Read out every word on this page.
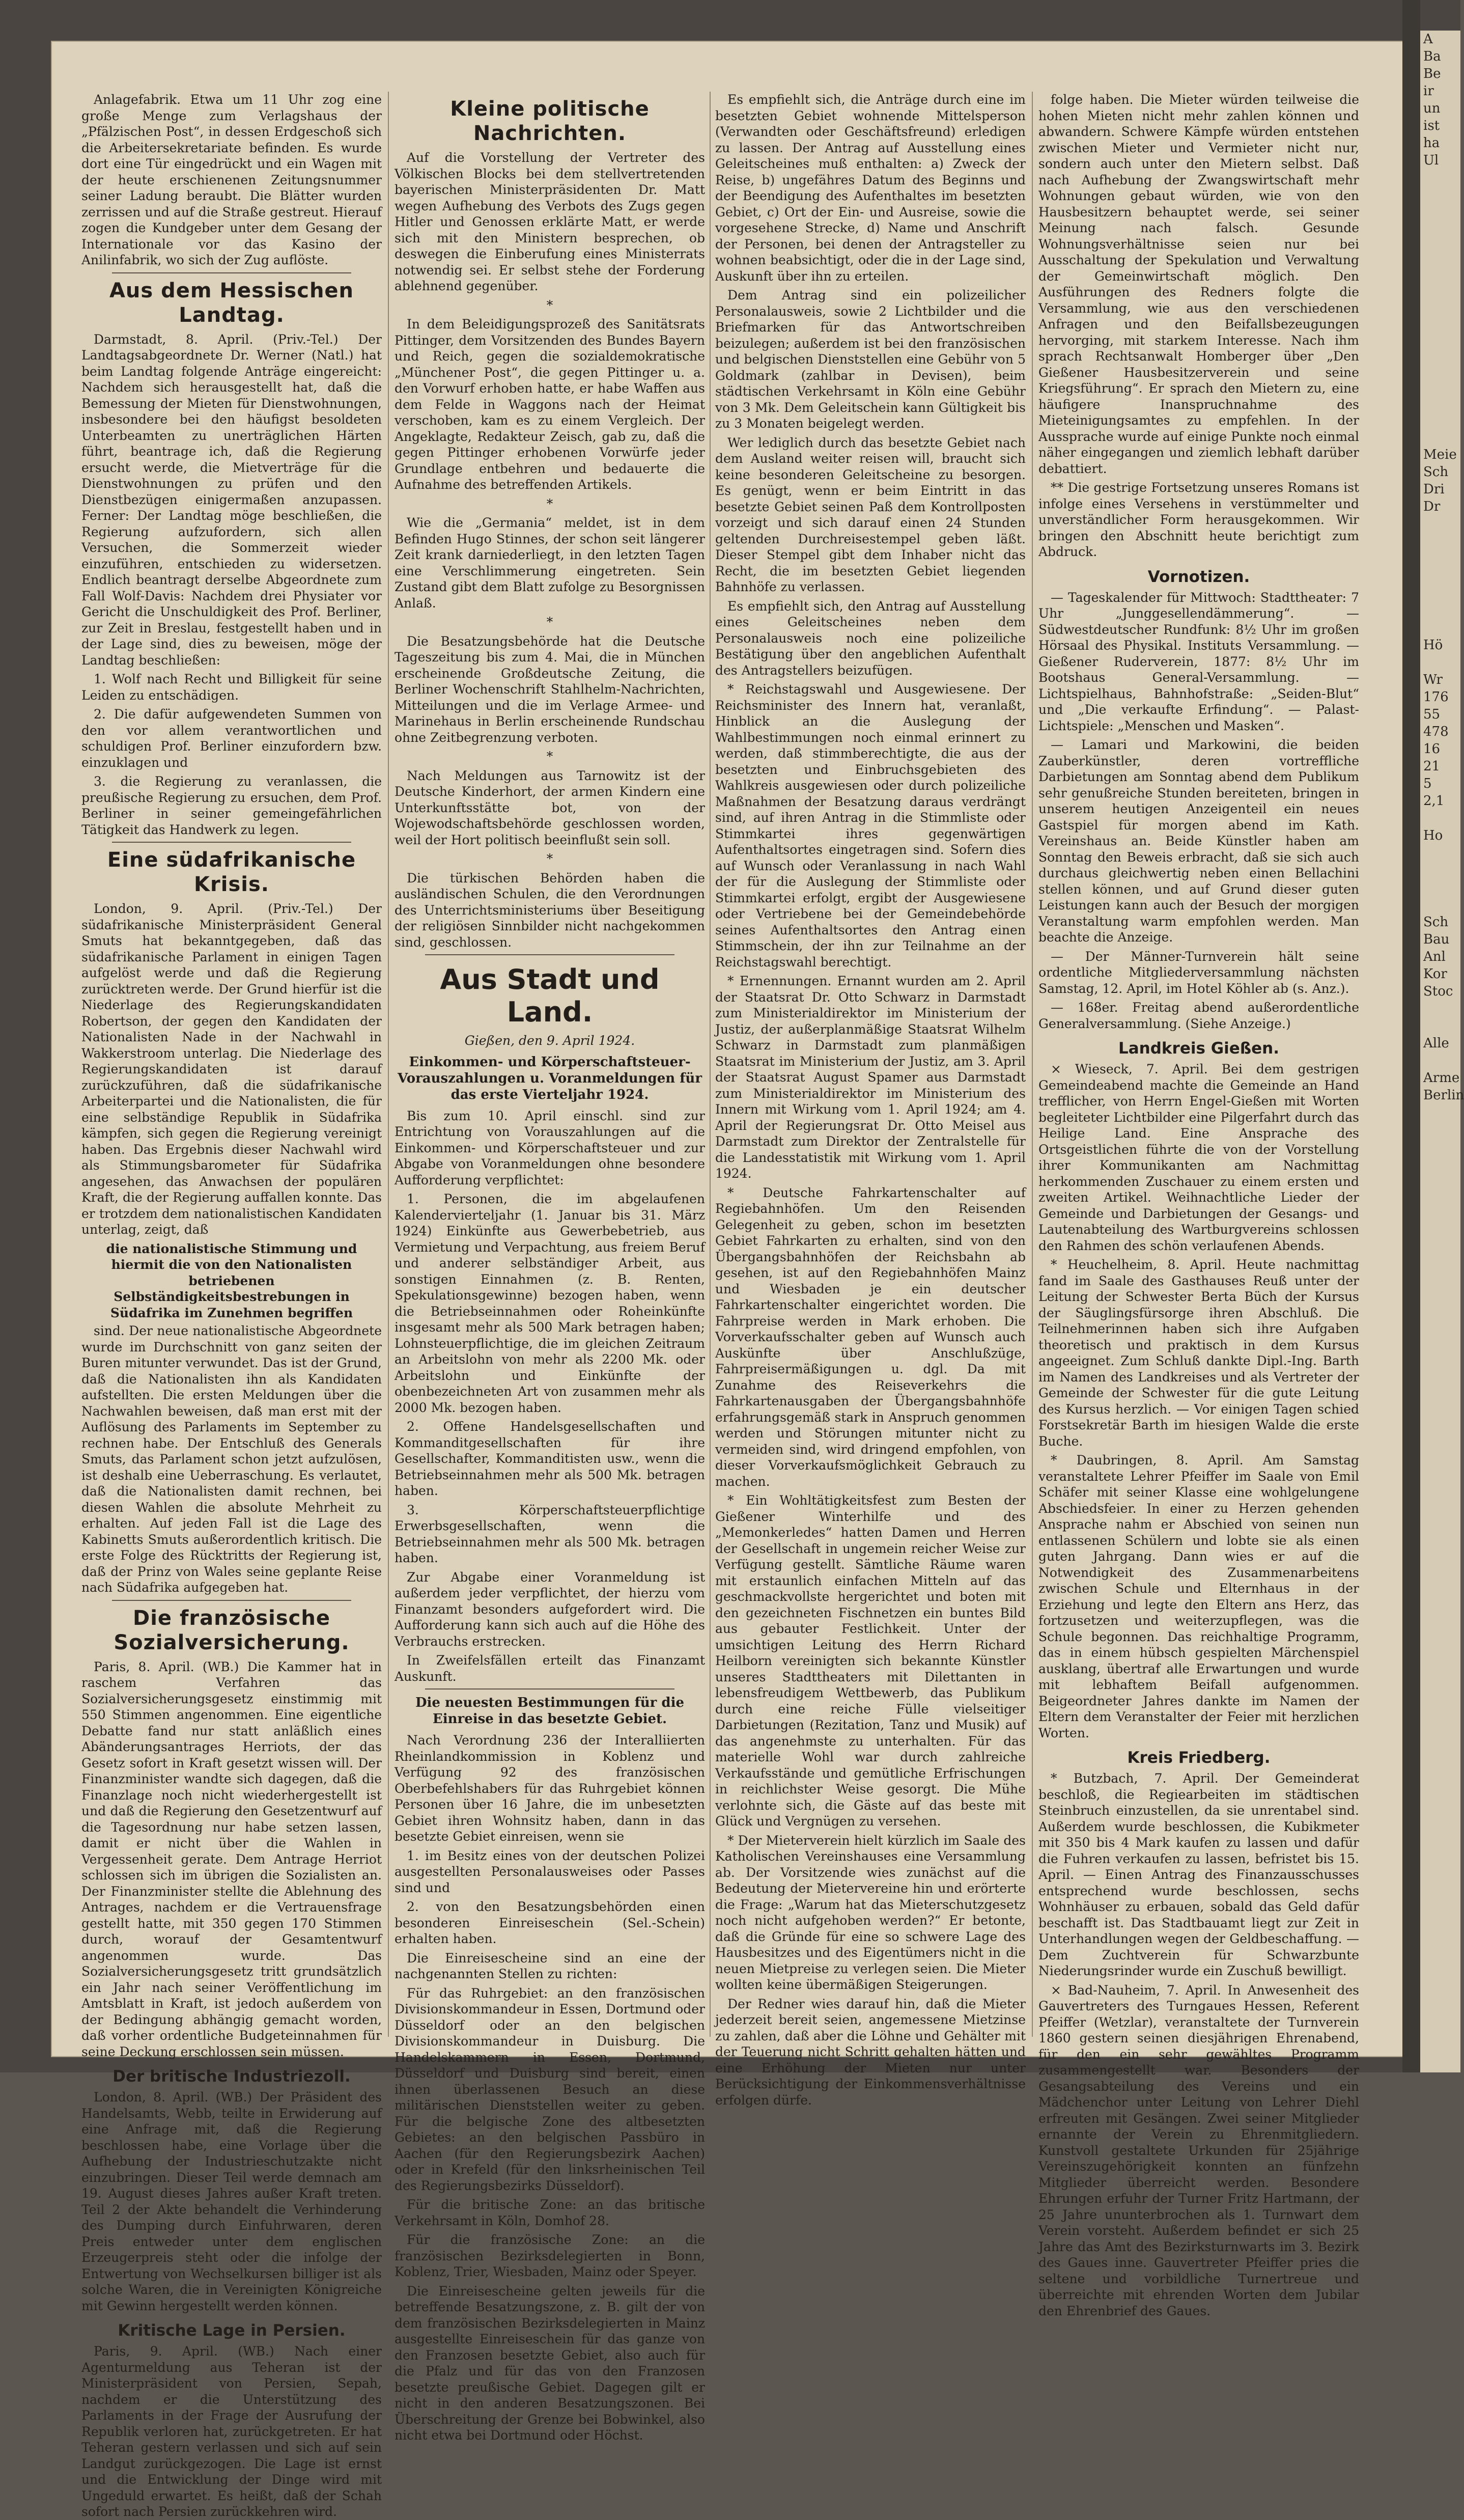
Anlagefabrik. Etwa um 11 Uhr zog eine große Menge zum Verlagshaus der „Pfälzischen Post“, in dessen Erdgeschoß sich die Arbeitersekretariate befinden. Es wurde dort eine Tür eingedrückt und ein Wagen mit der heute erschienenen Zeitungsnummer seiner Ladung beraubt. Die Blätter wurden zerrissen und auf die Straße gestreut. Hierauf zogen die Kundgeber unter dem Gesang der Internationale vor das Kasino der Anilinfabrik, wo sich der Zug auflöste.

Aus dem Hessischen Landtag.

Darmstadt, 8. April. (Priv.-Tel.) Der Landtagsabgeordnete Dr. Werner (Natl.) hat beim Landtag folgende Anträge eingereicht: Nachdem sich herausgestellt hat, daß die Bemessung der Mieten für Dienstwohnungen, insbesondere bei den häufigst besoldeten Unterbeamten zu unerträglichen Härten führt, beantrage ich, daß die Regierung ersucht werde, die Mietverträge für die Dienstwohnungen zu prüfen und den Dienstbezügen einigermaßen anzupassen. Ferner: Der Landtag möge beschließen, die Regierung aufzufordern, sich allen Versuchen, die Sommerzeit wieder einzuführen, entschieden zu widersetzen. Endlich beantragt derselbe Abgeordnete zum Fall Wolf-Davis: Nachdem drei Physiater vor Gericht die Unschuldigkeit des Prof. Berliner, zur Zeit in Breslau, festgestellt haben und in der Lage sind, dies zu beweisen, möge der Landtag beschließen:

1. Wolf nach Recht und Billigkeit für seine Leiden zu entschädigen.

2. Die dafür aufgewendeten Summen von den vor allem verantwortlichen und schuldigen Prof. Berliner einzufordern bzw. einzuklagen und

3. die Regierung zu veranlassen, die preußische Regierung zu ersuchen, dem Prof. Berliner in seiner gemeingefährlichen Tätigkeit das Handwerk zu legen.

Eine südafrikanische Krisis.

London, 9. April. (Priv.-Tel.) Der südafrikanische Ministerpräsident General Smuts hat bekanntgegeben, daß das südafrikanische Parlament in einigen Tagen aufgelöst werde und daß die Regierung zurücktreten werde. Der Grund hierfür ist die Niederlage des Regierungskandidaten Robertson, der gegen den Kandidaten der Nationalisten Nade in der Nachwahl in Wakkerstroom unterlag. Die Niederlage des Regierungskandidaten ist darauf zurückzuführen, daß die südafrikanische Arbeiterpartei und die Nationalisten, die für eine selbständige Republik in Südafrika kämpfen, sich gegen die Regierung vereinigt haben. Das Ergebnis dieser Nachwahl wird als Stimmungsbarometer für Südafrika angesehen, das Anwachsen der populären Kraft, die der Regierung auffallen konnte. Das er trotzdem dem nationalistischen Kandidaten unterlag, zeigt, daß

die nationalistische Stimmung und hiermit die von den Nationalisten betriebenen Selbständigkeitsbestrebungen in Südafrika im Zunehmen begriffen

sind. Der neue nationalistische Abgeordnete wurde im Durchschnitt von ganz seiten der Buren mitunter verwundet. Das ist der Grund, daß die Nationalisten ihn als Kandidaten aufstellten. Die ersten Meldungen über die Nachwahlen beweisen, daß man erst mit der Auflösung des Parlaments im September zu rechnen habe. Der Entschluß des Generals Smuts, das Parlament schon jetzt aufzulösen, ist deshalb eine Ueberraschung. Es verlautet, daß die Nationalisten damit rechnen, bei diesen Wahlen die absolute Mehrheit zu erhalten. Auf jeden Fall ist die Lage des Kabinetts Smuts außerordentlich kritisch. Die erste Folge des Rücktritts der Regierung ist, daß der Prinz von Wales seine geplante Reise nach Südafrika aufgegeben hat.

Die französische Sozialversicherung.

Paris, 8. April. (WB.) Die Kammer hat in raschem Verfahren das Sozialversicherungsgesetz einstimmig mit 550 Stimmen angenommen. Eine eigentliche Debatte fand nur statt anläßlich eines Abänderungsantrages Herriots, der das Gesetz sofort in Kraft gesetzt wissen will. Der Finanzminister wandte sich dagegen, daß die Finanzlage noch nicht wiederhergestellt ist und daß die Regierung den Gesetzentwurf auf die Tagesordnung nur habe setzen lassen, damit er nicht über die Wahlen in Vergessenheit gerate. Dem Antrage Herriot schlossen sich im übrigen die Sozialisten an. Der Finanzminister stellte die Ablehnung des Antrages, nachdem er die Vertrauensfrage gestellt hatte, mit 350 gegen 170 Stimmen durch, worauf der Gesamtentwurf angenommen wurde. Das Sozialversicherungsgesetz tritt grundsätzlich ein Jahr nach seiner Veröffentlichung im Amtsblatt in Kraft, ist jedoch außerdem von der Bedingung abhängig gemacht worden, daß vorher ordentliche Budgeteinnahmen für seine Deckung erschlossen sein müssen.

Der britische Industriezoll.

London, 8. April. (WB.) Der Präsident des Handelsamts, Webb, teilte in Erwiderung auf eine Anfrage mit, daß die Regierung beschlossen habe, eine Vorlage über die Aufhebung der Industrieschutzakte nicht einzubringen. Dieser Teil werde demnach am 19. August dieses Jahres außer Kraft treten. Teil 2 der Akte behandelt die Verhinderung des Dumping durch Einfuhrwaren, deren Preis entweder unter dem englischen Erzeugerpreis steht oder die infolge der Entwertung von Wechselkursen billiger ist als solche Waren, die in Vereinigten Königreiche mit Gewinn hergestellt werden können.

Kritische Lage in Persien.

Paris, 9. April. (WB.) Nach einer Agenturmeldung aus Teheran ist der Ministerpräsident von Persien, Sepah, nachdem er die Unterstützung des Parlaments in der Frage der Ausrufung der Republik verloren hat, zurückgetreten. Er hat Teheran gestern verlassen und sich auf sein Landgut zurückgezogen. Die Lage ist ernst und die Entwicklung der Dinge wird mit Ungeduld erwartet. Es heißt, daß der Schah sofort nach Persien zurückkehren wird.

Kleine politische Nachrichten.

Auf die Vorstellung der Vertreter des Völkischen Blocks bei dem stellvertretenden bayerischen Ministerpräsidenten Dr. Matt wegen Aufhebung des Verbots des Zugs gegen Hitler und Genossen erklärte Matt, er werde sich mit den Ministern besprechen, ob deswegen die Einberufung eines Ministerrats notwendig sei. Er selbst stehe der Forderung ablehnend gegenüber.

*

In dem Beleidigungsprozeß des Sanitätsrats Pittinger, dem Vorsitzenden des Bundes Bayern und Reich, gegen die sozialdemokratische „Münchener Post“, die gegen Pittinger u. a. den Vorwurf erhoben hatte, er habe Waffen aus dem Felde in Waggons nach der Heimat verschoben, kam es zu einem Vergleich. Der Angeklagte, Redakteur Zeisch, gab zu, daß die gegen Pittinger erhobenen Vorwürfe jeder Grundlage entbehren und bedauerte die Aufnahme des betreffenden Artikels.

*

Wie die „Germania“ meldet, ist in dem Befinden Hugo Stinnes, der schon seit längerer Zeit krank darniederliegt, in den letzten Tagen eine Verschlimmerung eingetreten. Sein Zustand gibt dem Blatt zufolge zu Besorgnissen Anlaß.

*

Die Besatzungsbehörde hat die Deutsche Tageszeitung bis zum 4. Mai, die in München erscheinende Großdeutsche Zeitung, die Berliner Wochenschrift Stahlhelm-Nachrichten, Mitteilungen und die im Verlage Armee- und Marinehaus in Berlin erscheinende Rundschau ohne Zeitbegrenzung verboten.

*

Nach Meldungen aus Tarnowitz ist der Deutsche Kinderhort, der armen Kindern eine Unterkunftsstätte bot, von der Wojewodschaftsbehörde geschlossen worden, weil der Hort politisch beeinflußt sein soll.

*

Die türkischen Behörden haben die ausländischen Schulen, die den Verordnungen des Unterrichtsministeriums über Beseitigung der religiösen Sinnbilder nicht nachgekommen sind, geschlossen.

Aus Stadt und Land.
Gießen, den 9. April 1924.
Einkommen- und Körperschaftsteuer-Vorauszahlungen u. Voranmeldungen für das erste Vierteljahr 1924.

Bis zum 10. April einschl. sind zur Entrichtung von Vorauszahlungen auf die Einkommen- und Körperschaftsteuer und zur Abgabe von Voranmeldungen ohne besondere Aufforderung verpflichtet:

1. Personen, die im abgelaufenen Kalendervierteljahr (1. Januar bis 31. März 1924) Einkünfte aus Gewerbebetrieb, aus Vermietung und Verpachtung, aus freiem Beruf und anderer selbständiger Arbeit, aus sonstigen Einnahmen (z. B. Renten, Spekulationsgewinne) bezogen haben, wenn die Betriebseinnahmen oder Roheinkünfte insgesamt mehr als 500 Mark betragen haben; Lohnsteuerpflichtige, die im gleichen Zeitraum an Arbeitslohn von mehr als 2200 Mk. oder Arbeitslohn und Einkünfte der obenbezeichneten Art von zusammen mehr als 2000 Mk. bezogen haben.

2. Offene Handelsgesellschaften und Kommanditgesellschaften für ihre Gesellschafter, Kommanditisten usw., wenn die Betriebseinnahmen mehr als 500 Mk. betragen haben.

3. Körperschaftsteuerpflichtige Erwerbsgesellschaften, wenn die Betriebseinnahmen mehr als 500 Mk. betragen haben.

Zur Abgabe einer Voranmeldung ist außerdem jeder verpflichtet, der hierzu vom Finanzamt besonders aufgefordert wird. Die Aufforderung kann sich auch auf die Höhe des Verbrauchs erstrecken.

In Zweifelsfällen erteilt das Finanzamt Auskunft.

Die neuesten Bestimmungen für die Einreise in das besetzte Gebiet.

Nach Verordnung 236 der Interalliierten Rheinlandkommission in Koblenz und Verfügung 92 des französischen Oberbefehlshabers für das Ruhrgebiet können Personen über 16 Jahre, die im unbesetzten Gebiet ihren Wohnsitz haben, dann in das besetzte Gebiet einreisen, wenn sie

1. im Besitz eines von der deutschen Polizei ausgestellten Personalausweises oder Passes sind und

2. von den Besatzungsbehörden einen besonderen Einreiseschein (Sel.-Schein) erhalten haben.

Die Einreisescheine sind an eine der nachgenannten Stellen zu richten:

Für das Ruhrgebiet: an den französischen Divisionskommandeur in Essen, Dortmund oder Düsseldorf oder an den belgischen Divisionskommandeur in Duisburg. Die Handelskammern in Essen, Dortmund, Düsseldorf und Duisburg sind bereit, einen ihnen überlassenen Besuch an diese militärischen Dienststellen weiter zu geben. Für die belgische Zone des altbesetzten Gebietes: an den belgischen Passbüro in Aachen (für den Regierungsbezirk Aachen) oder in Krefeld (für den linksrheinischen Teil des Regierungsbezirks Düsseldorf).

Für die britische Zone: an das britische Verkehrsamt in Köln, Domhof 28.

Für die französische Zone: an die französischen Bezirksdelegierten in Bonn, Koblenz, Trier, Wiesbaden, Mainz oder Speyer.

Die Einreisescheine gelten jeweils für die betreffende Besatzungszone, z. B. gilt der von dem französischen Bezirksdelegierten in Mainz ausgestellte Einreiseschein für das ganze von den Franzosen besetzte Gebiet, also auch für die Pfalz und für das von den Franzosen besetzte preußische Gebiet. Dagegen gilt er nicht in den anderen Besatzungszonen. Bei Überschreitung der Grenze bei Bobwinkel, also nicht etwa bei Dortmund oder Höchst.

Es empfiehlt sich, die Anträge durch eine im besetzten Gebiet wohnende Mittelsperson (Verwandten oder Geschäftsfreund) erledigen zu lassen. Der Antrag auf Ausstellung eines Geleitscheines muß enthalten: a) Zweck der Reise, b) ungefähres Datum des Beginns und der Beendigung des Aufenthaltes im besetzten Gebiet, c) Ort der Ein- und Ausreise, sowie die vorgesehene Strecke, d) Name und Anschrift der Personen, bei denen der Antragsteller zu wohnen beabsichtigt, oder die in der Lage sind, Auskunft über ihn zu erteilen.

Dem Antrag sind ein polizeilicher Personalausweis, sowie 2 Lichtbilder und die Briefmarken für das Antwortschreiben beizulegen; außerdem ist bei den französischen und belgischen Dienststellen eine Gebühr von 5 Goldmark (zahlbar in Devisen), beim städtischen Verkehrsamt in Köln eine Gebühr von 3 Mk. Dem Geleitschein kann Gültigkeit bis zu 3 Monaten beigelegt werden.

Wer lediglich durch das besetzte Gebiet nach dem Ausland weiter reisen will, braucht sich keine besonderen Geleitscheine zu besorgen. Es genügt, wenn er beim Eintritt in das besetzte Gebiet seinen Paß dem Kontrollposten vorzeigt und sich darauf einen 24 Stunden geltenden Durchreisestempel geben läßt. Dieser Stempel gibt dem Inhaber nicht das Recht, die im besetzten Gebiet liegenden Bahnhöfe zu verlassen.

Es empfiehlt sich, den Antrag auf Ausstellung eines Geleitscheines neben dem Personalausweis noch eine polizeiliche Bestätigung über den angeblichen Aufenthalt des Antragstellers beizufügen.

* Reichstagswahl und Ausgewiesene. Der Reichsminister des Innern hat, veranlaßt, Hinblick an die Auslegung der Wahlbestimmungen noch einmal erinnert zu werden, daß stimmberechtigte, die aus der besetzten und Einbruchsgebieten des Wahlkreis ausgewiesen oder durch polizeiliche Maßnahmen der Besatzung daraus verdrängt sind, auf ihren Antrag in die Stimmliste oder Stimmkartei ihres gegenwärtigen Aufenthaltsortes eingetragen sind. Sofern dies auf Wunsch oder Veranlassung in nach Wahl der für die Auslegung der Stimmliste oder Stimmkartei erfolgt, ergibt der Ausgewiesene oder Vertriebene bei der Gemeindebehörde seines Aufenthaltsortes den Antrag einen Stimmschein, der ihn zur Teilnahme an der Reichstagswahl berechtigt.

* Ernennungen. Ernannt wurden am 2. April der Staatsrat Dr. Otto Schwarz in Darmstadt zum Ministerialdirektor im Ministerium der Justiz, der außerplanmäßige Staatsrat Wilhelm Schwarz in Darmstadt zum planmäßigen Staatsrat im Ministerium der Justiz, am 3. April der Staatsrat August Spamer aus Darmstadt zum Ministerialdirektor im Ministerium des Innern mit Wirkung vom 1. April 1924; am 4. April der Regierungsrat Dr. Otto Meisel aus Darmstadt zum Direktor der Zentralstelle für die Landesstatistik mit Wirkung vom 1. April 1924.

* Deutsche Fahrkartenschalter auf Regiebahnhöfen. Um den Reisenden Gelegenheit zu geben, schon im besetzten Gebiet Fahrkarten zu erhalten, sind von den Übergangsbahnhöfen der Reichsbahn ab gesehen, ist auf den Regiebahnhöfen Mainz und Wiesbaden je ein deutscher Fahrkartenschalter eingerichtet worden. Die Fahrpreise werden in Mark erhoben. Die Vorverkaufsschalter geben auf Wunsch auch Auskünfte über Anschlußzüge, Fahrpreisermäßigungen u. dgl. Da mit Zunahme des Reiseverkehrs die Fahrkartenausgaben der Übergangsbahnhöfe erfahrungsgemäß stark in Anspruch genommen werden und Störungen mitunter nicht zu vermeiden sind, wird dringend empfohlen, von dieser Vorverkaufsmöglichkeit Gebrauch zu machen.

* Ein Wohltätigkeitsfest zum Besten der Gießener Winterhilfe und des „Memonkerledes“ hatten Damen und Herren der Gesellschaft in ungemein reicher Weise zur Verfügung gestellt. Sämtliche Räume waren mit erstaunlich einfachen Mitteln auf das geschmackvollste hergerichtet und boten mit den gezeichneten Fischnetzen ein buntes Bild aus gebauter Festlichkeit. Unter der umsichtigen Leitung des Herrn Richard Heilborn vereinigten sich bekannte Künstler unseres Stadttheaters mit Dilettanten in lebensfreudigem Wettbewerb, das Publikum durch eine reiche Fülle vielseitiger Darbietungen (Rezitation, Tanz und Musik) auf das angenehmste zu unterhalten. Für das materielle Wohl war durch zahlreiche Verkaufsstände und gemütliche Erfrischungen in reichlichster Weise gesorgt. Die Mühe verlohnte sich, die Gäste auf das beste mit Glück und Vergnügen zu versehen.

* Der Mieterverein hielt kürzlich im Saale des Katholischen Vereinshauses eine Versammlung ab. Der Vorsitzende wies zunächst auf die Bedeutung der Mietervereine hin und erörterte die Frage: „Warum hat das Mieterschutzgesetz noch nicht aufgehoben werden?“ Er betonte, daß die Gründe für eine so schwere Lage des Hausbesitzes und des Eigentümers nicht in die neuen Mietpreise zu verlegen seien. Die Mieter wollten keine übermäßigen Steigerungen.

Der Redner wies darauf hin, daß die Mieter jederzeit bereit seien, angemessene Mietzinse zu zahlen, daß aber die Löhne und Gehälter mit der Teuerung nicht Schritt gehalten hätten und eine Erhöhung der Mieten nur unter Berücksichtigung der Einkommensverhältnisse erfolgen dürfe.

folge haben. Die Mieter würden teilweise die hohen Mieten nicht mehr zahlen können und abwandern. Schwere Kämpfe würden entstehen zwischen Mieter und Vermieter nicht nur, sondern auch unter den Mietern selbst. Daß nach Aufhebung der Zwangswirtschaft mehr Wohnungen gebaut würden, wie von den Hausbesitzern behauptet werde, sei seiner Meinung nach falsch. Gesunde Wohnungsverhältnisse seien nur bei Ausschaltung der Spekulation und Verwaltung der Gemeinwirtschaft möglich. Den Ausführungen des Redners folgte die Versammlung, wie aus den verschiedenen Anfragen und den Beifallsbezeugungen hervorging, mit starkem Interesse. Nach ihm sprach Rechtsanwalt Homberger über „Den Gießener Hausbesitzerverein und seine Kriegsführung“. Er sprach den Mietern zu, eine häufigere Inanspruchnahme des Mieteinigungsamtes zu empfehlen. In der Aussprache wurde auf einige Punkte noch einmal näher eingegangen und ziemlich lebhaft darüber debattiert.

** Die gestrige Fortsetzung unseres Romans ist infolge eines Versehens in verstümmelter und unverständlicher Form herausgekommen. Wir bringen den Abschnitt heute berichtigt zum Abdruck.

Vornotizen.

— Tageskalender für Mittwoch: Stadttheater: 7 Uhr „Junggesellendämmerung“. — Südwestdeutscher Rundfunk: 8½ Uhr im großen Hörsaal des Physikal. Instituts Versammlung. — Gießener Ruderverein, 1877: 8½ Uhr im Bootshaus General-Versammlung. — Lichtspielhaus, Bahnhofstraße: „Seiden-Blut“ und „Die verkaufte Erfindung“. — Palast-Lichtspiele: „Menschen und Masken“.

— Lamari und Markowini, die beiden Zauberkünstler, deren vortreffliche Darbietungen am Sonntag abend dem Publikum sehr genußreiche Stunden bereiteten, bringen in unserem heutigen Anzeigenteil ein neues Gastspiel für morgen abend im Kath. Vereinshaus an. Beide Künstler haben am Sonntag den Beweis erbracht, daß sie sich auch durchaus gleichwertig neben einen Bellachini stellen können, und auf Grund dieser guten Leistungen kann auch der Besuch der morgigen Veranstaltung warm empfohlen werden. Man beachte die Anzeige.

— Der Männer-Turnverein hält seine ordentliche Mitgliederversammlung nächsten Samstag, 12. April, im Hotel Köhler ab (s. Anz.).

— 168er. Freitag abend außerordentliche Generalversammlung. (Siehe Anzeige.)

Landkreis Gießen.

× Wieseck, 7. April. Bei dem gestrigen Gemeindeabend machte die Gemeinde an Hand trefflicher, von Herrn Engel-Gießen mit Worten begleiteter Lichtbilder eine Pilgerfahrt durch das Heilige Land. Eine Ansprache des Ortsgeistlichen führte die von der Vorstellung ihrer Kommunikanten am Nachmittag herkommenden Zuschauer zu einem ersten und zweiten Artikel. Weihnachtliche Lieder der Gemeinde und Darbietungen der Gesangs- und Lautenabteilung des Wartburgvereins schlossen den Rahmen des schön verlaufenen Abends.

* Heuchelheim, 8. April. Heute nachmittag fand im Saale des Gasthauses Reuß unter der Leitung der Schwester Berta Büch der Kursus der Säuglingsfürsorge ihren Abschluß. Die Teilnehmerinnen haben sich ihre Aufgaben theoretisch und praktisch in dem Kursus angeeignet. Zum Schluß dankte Dipl.-Ing. Barth im Namen des Landkreises und als Vertreter der Gemeinde der Schwester für die gute Leitung des Kursus herzlich. — Vor einigen Tagen schied Forstsekretär Barth im hiesigen Walde die erste Buche.

* Daubringen, 8. April. Am Samstag veranstaltete Lehrer Pfeiffer im Saale von Emil Schäfer mit seiner Klasse eine wohlgelungene Abschiedsfeier. In einer zu Herzen gehenden Ansprache nahm er Abschied von seinen nun entlassenen Schülern und lobte sie als einen guten Jahrgang. Dann wies er auf die Notwendigkeit des Zusammenarbeitens zwischen Schule und Elternhaus in der Erziehung und legte den Eltern ans Herz, das fortzusetzen und weiterzupflegen, was die Schule begonnen. Das reichhaltige Programm, das in einem hübsch gespielten Märchenspiel ausklang, übertraf alle Erwartungen und wurde mit lebhaftem Beifall aufgenommen. Beigeordneter Jahres dankte im Namen der Eltern dem Veranstalter der Feier mit herzlichen Worten.

Kreis Friedberg.

* Butzbach, 7. April. Der Gemeinderat beschloß, die Regiearbeiten im städtischen Steinbruch einzustellen, da sie unrentabel sind. Außerdem wurde beschlossen, die Kubikmeter mit 350 bis 4 Mark kaufen zu lassen und dafür die Fuhren verkaufen zu lassen, befristet bis 15. April. — Einen Antrag des Finanzausschusses entsprechend wurde beschlossen, sechs Wohnhäuser zu erbauen, sobald das Geld dafür beschafft ist. Das Stadtbauamt liegt zur Zeit in Unterhandlungen wegen der Geldbeschaffung. — Dem Zuchtverein für Schwarzbunte Niederungsrinder wurde ein Zuschuß bewilligt.

× Bad-Nauheim, 7. April. In Anwesenheit des Gauvertreters des Turngaues Hessen, Referent Pfeiffer (Wetzlar), veranstaltete der Turnverein 1860 gestern seinen diesjährigen Ehrenabend, für den ein sehr gewähltes Programm zusammengestellt war. Besonders der Gesangsabteilung des Vereins und ein Mädchenchor unter Leitung von Lehrer Diehl erfreuten mit Gesängen. Zwei seiner Mitglieder ernannte der Verein zu Ehrenmitgliedern. Kunstvoll gestaltete Urkunden für 25jährige Vereinszugehörigkeit konnten an fünfzehn Mitglieder überreicht werden. Besondere Ehrungen erfuhr der Turner Fritz Hartmann, der 25 Jahre ununterbrochen als 1. Turnwart dem Verein vorsteht. Außerdem befindet er sich 25 Jahre das Amt des Bezirksturnwarts im 3. Bezirk des Gaues inne. Gauvertreter Pfeiffer pries die seltene und vorbildliche Turnertreue und überreichte mit ehrenden Worten dem Jubilar den Ehrenbrief des Gaues.

A
Ba
Be
ir
un
ist
ha
Ul

Meie
Sch
Dri
Dr

Hö

Wr
176
55
478
16
21
5
2,1

Ho

Sch
Bau
Anl
Kor
Stoc

Alle

Arme
Berlin
